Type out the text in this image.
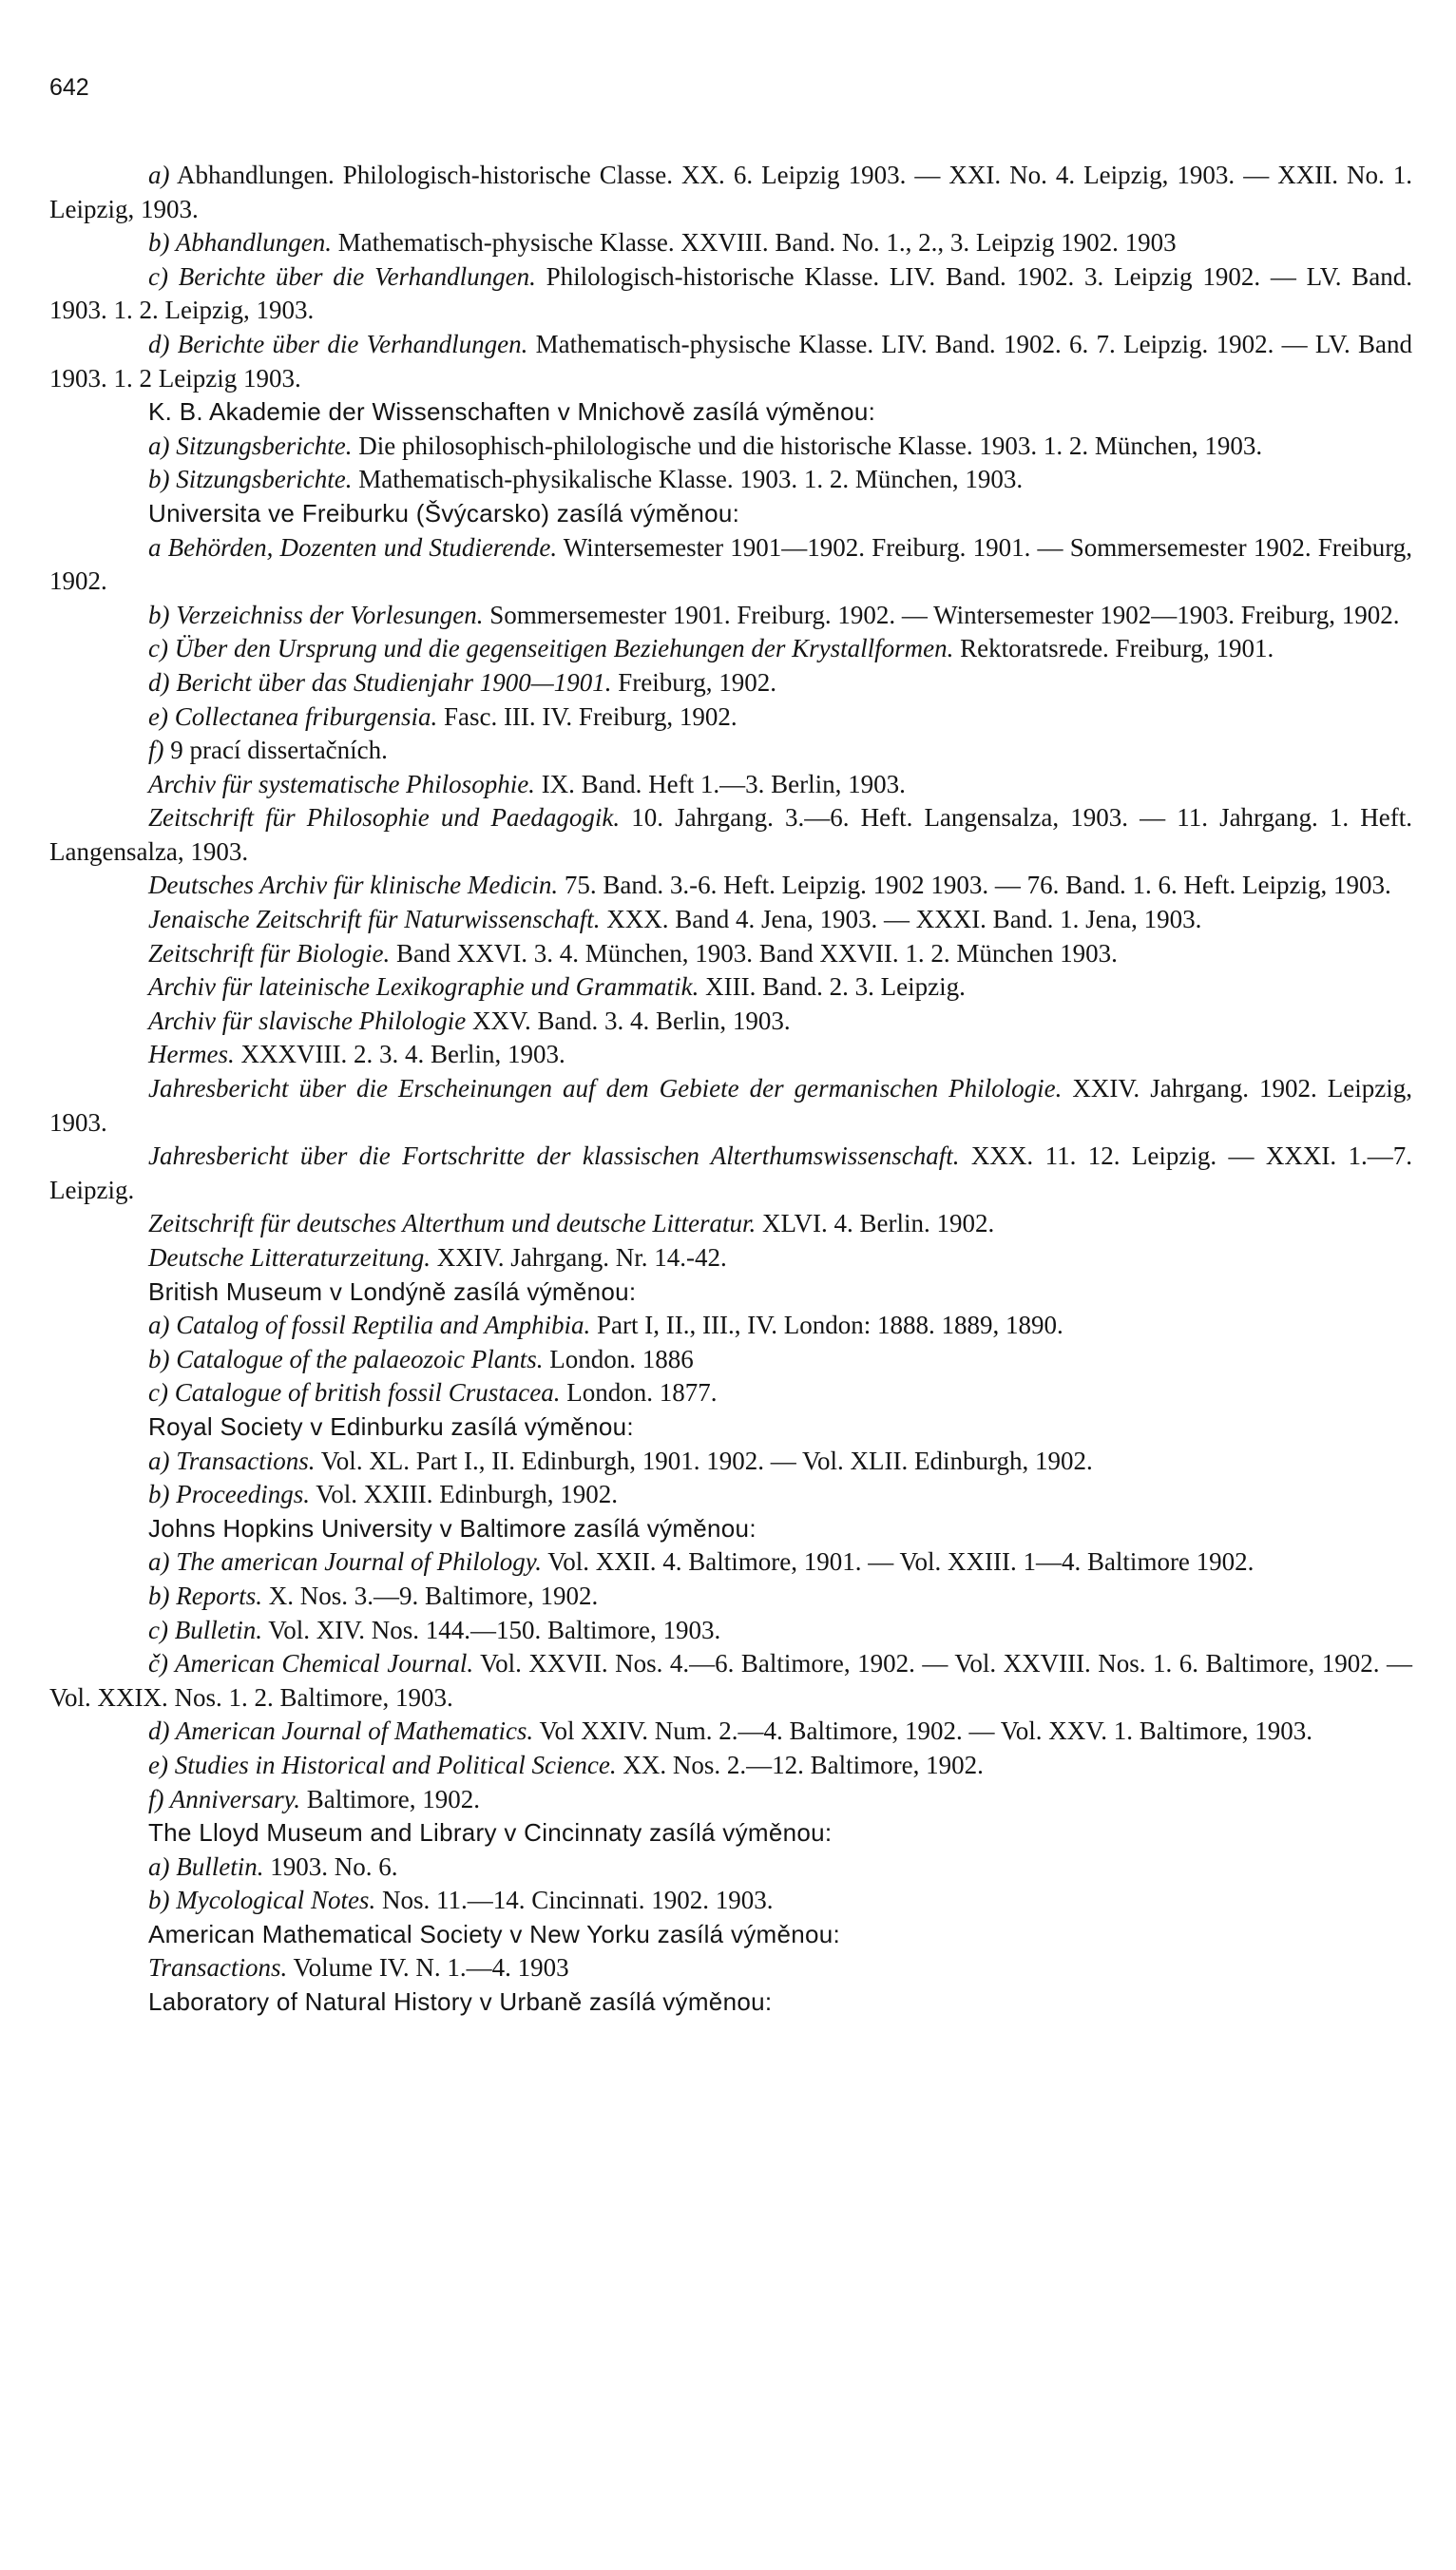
642

a) Abhandlungen. Philologisch-historische Classe. XX. 6. Leipzig 1903. — XXI. No. 4. Leipzig, 1903. — XXII. No. 1. Leipzig, 1903.

b) Abhandlungen. Mathematisch-physische Klasse. XXVIII. Band. No. 1., 2., 3. Leipzig 1902. 1903

c) Berichte über die Verhandlungen. Philologisch-historische Klasse. LIV. Band. 1902. 3. Leipzig 1902. — LV. Band. 1903. 1. 2. Leipzig, 1903.

d) Berichte über die Verhandlungen. Mathematisch-physische Klasse. LIV. Band. 1902. 6. 7. Leipzig. 1902. — LV. Band 1903. 1. 2 Leipzig 1903.

K. B. Akademie der Wissenschaften v Mnichově zasílá výměnou:

a) Sitzungsberichte. Die philosophisch-philologische und die historische Klasse. 1903. 1. 2. München, 1903.

b) Sitzungsberichte. Mathematisch-physikalische Klasse. 1903. 1. 2. München, 1903.

Universita ve Freiburku (Švýcarsko) zasílá výměnou:

a Behörden, Dozenten und Studierende. Wintersemester 1901—1902. Freiburg. 1901. — Sommersemester 1902. Freiburg, 1902.

b) Verzeichniss der Vorlesungen. Sommersemester 1901. Freiburg. 1902. — Wintersemester 1902—1903. Freiburg, 1902.

c) Über den Ursprung und die gegenseitigen Beziehungen der Krystallformen. Rektoratsrede. Freiburg, 1901.

d) Bericht über das Studienjahr 1900—1901. Freiburg, 1902.

e) Collectanea friburgensia. Fasc. III. IV. Freiburg, 1902.

f) 9 prací dissertačních.

Archiv für systematische Philosophie. IX. Band. Heft 1.—3. Berlin, 1903.

Zeitschrift für Philosophie und Paedagogik. 10. Jahrgang. 3.—6. Heft. Langensalza, 1903. — 11. Jahrgang. 1. Heft. Langensalza, 1903.

Deutsches Archiv für klinische Medicin. 75. Band. 3.-6. Heft. Leipzig. 1902 1903. — 76. Band. 1. 6. Heft. Leipzig, 1903.

Jenaische Zeitschrift für Naturwissenschaft. XXX. Band 4. Jena, 1903. — XXXI. Band. 1. Jena, 1903.

Zeitschrift für Biologie. Band XXVI. 3. 4. München, 1903. Band XXVII. 1. 2. München 1903.

Archiv für lateinische Lexikographie und Grammatik. XIII. Band. 2. 3. Leipzig.

Archiv für slavische Philologie XXV. Band. 3. 4. Berlin, 1903.

Hermes. XXXVIII. 2. 3. 4. Berlin, 1903.

Jahresbericht über die Erscheinungen auf dem Gebiete der germanischen Philologie. XXIV. Jahrgang. 1902. Leipzig, 1903.

Jahresbericht über die Fortschritte der klassischen Alterthumswissenschaft. XXX. 11. 12. Leipzig. — XXXI. 1.—7. Leipzig.

Zeitschrift für deutsches Alterthum und deutsche Litteratur. XLVI. 4. Berlin. 1902.

Deutsche Litteraturzeitung. XXIV. Jahrgang. Nr. 14.-42.

British Museum v Londýně zasílá výměnou:

a) Catalog of fossil Reptilia and Amphibia. Part I, II., III., IV. London: 1888. 1889, 1890.

b) Catalogue of the palaeozoic Plants. London. 1886

c) Catalogue of british fossil Crustacea. London. 1877.

Royal Society v Edinburku zasílá výměnou:

a) Transactions. Vol. XL. Part I., II. Edinburgh, 1901. 1902. — Vol. XLII. Edinburgh, 1902.

b) Proceedings. Vol. XXIII. Edinburgh, 1902.

Johns Hopkins University v Baltimore zasílá výměnou:

a) The american Journal of Philology. Vol. XXII. 4. Baltimore, 1901. — Vol. XXIII. 1—4. Baltimore 1902.

b) Reports. X. Nos. 3.—9. Baltimore, 1902.

c) Bulletin. Vol. XIV. Nos. 144.—150. Baltimore, 1903.

č) American Chemical Journal. Vol. XXVII. Nos. 4.—6. Baltimore, 1902. — Vol. XXVIII. Nos. 1. 6. Baltimore, 1902. — Vol. XXIX. Nos. 1. 2. Baltimore, 1903.

d) American Journal of Mathematics. Vol XXIV. Num. 2.—4. Baltimore, 1902. — Vol. XXV. 1. Baltimore, 1903.

e) Studies in Historical and Political Science. XX. Nos. 2.—12. Baltimore, 1902.

f) Anniversary. Baltimore, 1902.

The Lloyd Museum and Library v Cincinnaty zasílá výměnou:

a) Bulletin. 1903. No. 6.

b) Mycological Notes. Nos. 11.—14. Cincinnati. 1902. 1903.

American Mathematical Society v New Yorku zasílá výměnou:

Transactions. Volume IV. N. 1.—4. 1903

Laboratory of Natural History v Urbaně zasílá výměnou:
